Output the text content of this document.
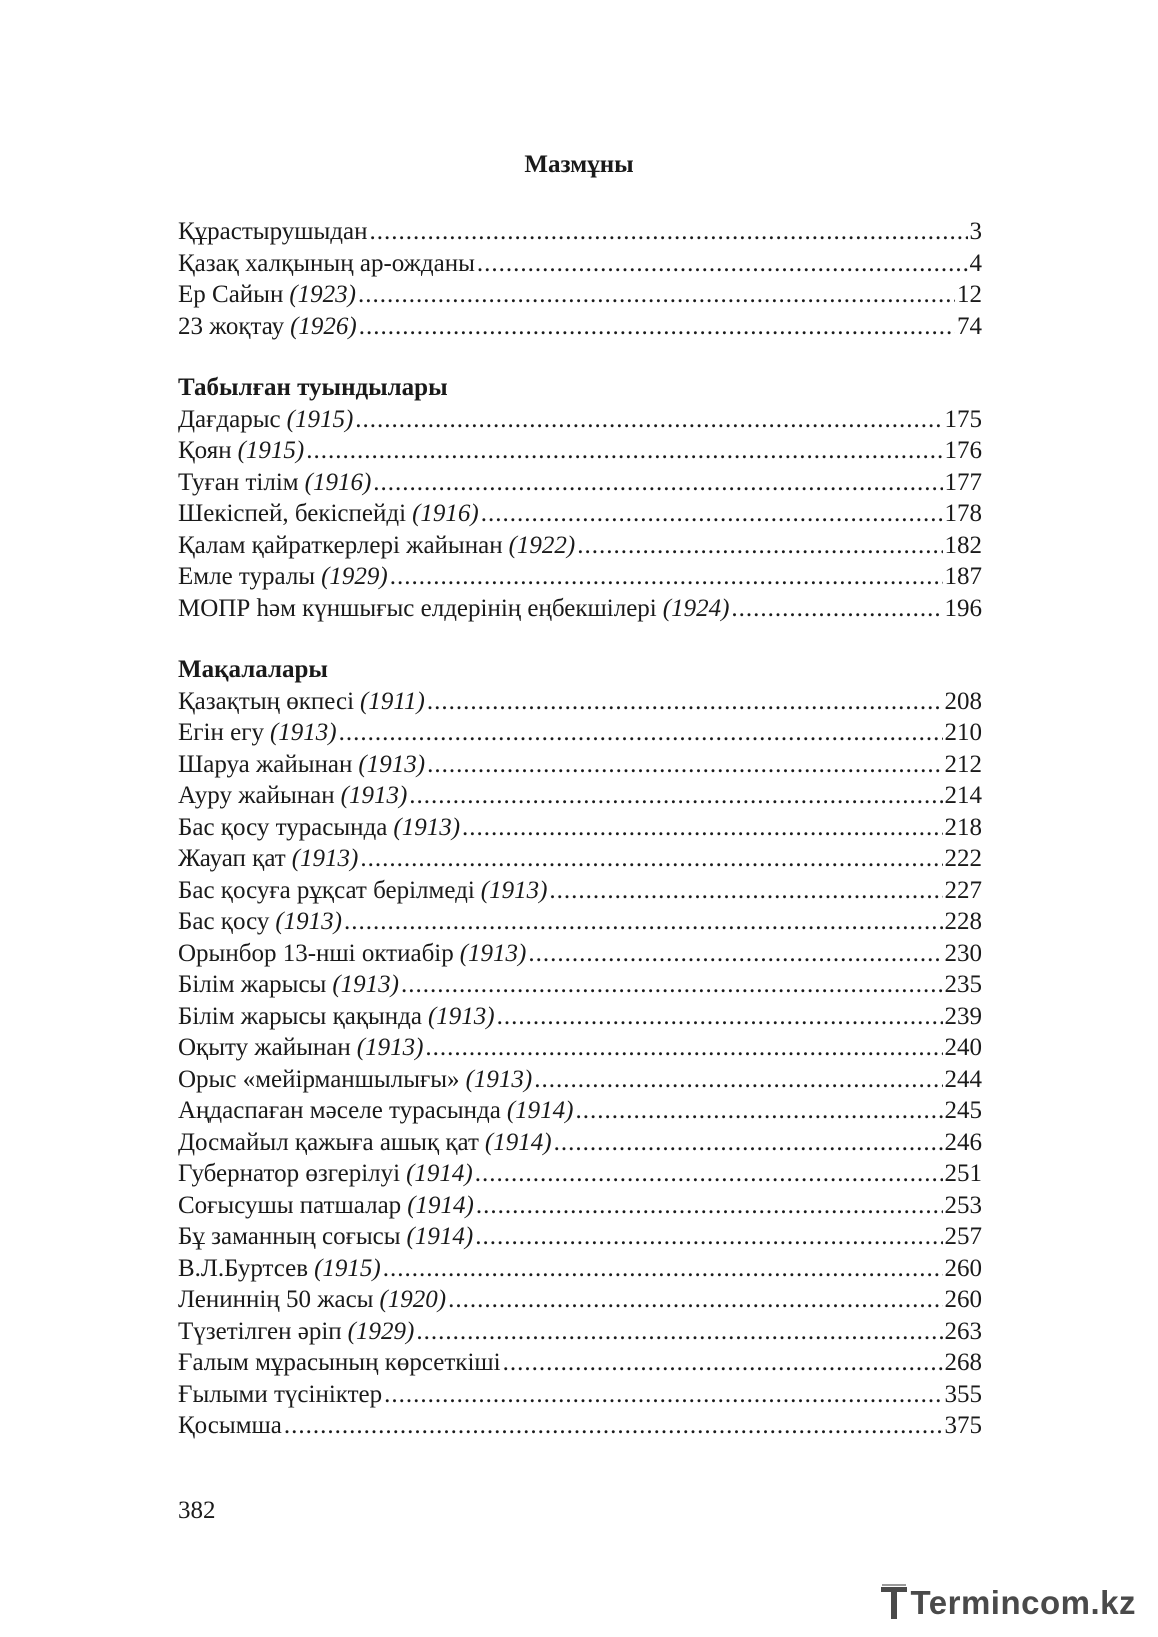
Мазмұны
Құрастырушыдан .....	3
Қазақ халқының ар-ожданы .....	4
Ер Сайын (1923) .....	12
23 жоқтау (1926) .....	74
Табылған туындылары
Дағдарыс (1915) .....	175
Қоян (1915) .....	176
Туған тілім (1916) .....	177
Шекіспей, бекіспейді (1916) .....	178
Қалам қайраткерлері жайынан (1922) .....	182
Емле туралы (1929) .....	187
МОПР һәм күншығыс елдерінің еңбекшілері (1924) .....	196
Мақалалары
Қазақтың өкпесі (1911) .....	208
Егін егу (1913) .....	210
Шаруа жайынан (1913) .....	212
Ауру жайынан (1913) .....	214
Бас қосу турасында (1913) .....	218
Жауап қат (1913) .....	222
Бас қосуға рұқсат берілмеді (1913) .....	227
Бас қосу (1913) .....	228
Орынбор 13-нші октиабір (1913) .....	230
Білім жарысы (1913) .....	235
Білім жарысы қақында (1913) .....	239
Оқыту жайынан (1913) .....	240
Орыс «мейірманшылығы» (1913) .....	244
Аңдаспаған мәселе турасында (1914) .....	245
Досмайыл қажыға ашық қат (1914) .....	246
Губернатор өзгерілуі (1914) .....	251
Соғысушы патшалар (1914) .....	253
Бұ заманның соғысы (1914) .....	257
В.Л.Буртсев (1915) .....	260
Лениннің 50 жасы (1920) .....	260
Түзетілген әріп (1929) .....	263
Ғалым мұрасының көрсеткіші .....	268
Ғылыми түсініктер .....	355
Қосымша .....	375
382
Termincom.kz
